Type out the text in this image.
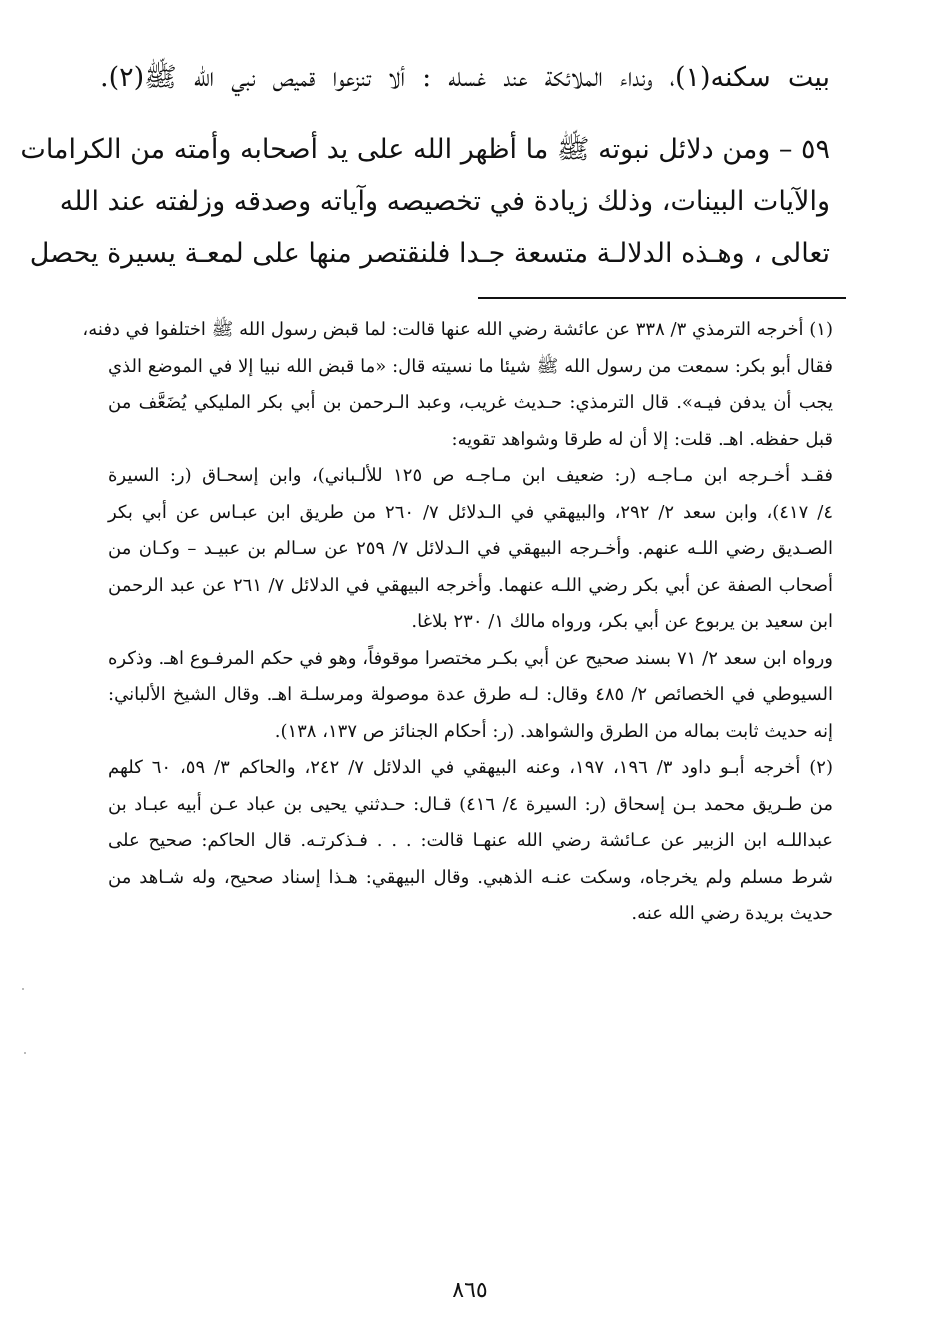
بيت سكنه(١)، ونداء الملائكة عند غسله : ألا تنزعوا قميص نبي الله ﷺ(٢).
٥٩ – ومن دلائل نبوته ﷺ ما أظهر الله على يد أصحابه وأمته من الكرامات
والآيات البينات، وذلك زيادة في تخصيصه وآياته وصدقه وزلفته عند الله
تعالى ، وهـذه الدلالـة متسعة جـدا فلنقتصر منها على لمعـة يسيرة يحصل
(١) أخرجه الترمذي ٣/ ٣٣٨ عن عائشة رضي الله عنها قالت: لما قبض رسول الله ﷺ اختلفوا في دفنه،
فقال أبو بكر: سمعت من رسول الله ﷺ شيئا ما نسيته قال: «ما قبض الله نبيا إلا في الموضع الذي
يجب أن يدفن فيـه». قال الترمذي: حـديث غريب، وعبد الـرحمن بن أبي بكر المليكي يُضَعَّف من
قبل حفظه. اهـ. قلت: إلا أن له طرقا وشواهد تقويه:
فقـد أخـرجه ابن مـاجـه (ر: ضعيف ابن مـاجـه ص ١٢٥ للألـباني)، وابن إسحـاق (ر: السيرة
٤/ ٤١٧)، وابن سعد ٢/ ٢٩٢، والبيهقي في الـدلائل ٧/ ٢٦٠ من طريق ابن عبـاس عن أبي بكر
الصـديق رضي اللـه عنهم. وأخـرجه البيهقي في الـدلائل ٧/ ٢٥٩ عن سـالم بن عبيـد – وكـان من
أصحاب الصفة عن أبي بكر رضي اللـه عنهما. وأخرجه البيهقي في الدلائل ٧/ ٢٦١ عن عبد الرحمن
ابن سعيد بن يربوع عن أبي بكر، ورواه مالك ١/ ٢٣٠ بلاغا.
ورواه ابن سعد ٢/ ٧١ بسند صحيح عن أبي بكـر مختصرا موقوفاً، وهو في حكم المرفـوع اهـ. وذكره
السيوطي في الخصائص ٢/ ٤٨٥ وقال: لـه طرق عدة موصولة ومرسلـة اهـ. وقال الشيخ الألباني:
إنه حديث ثابت بماله من الطرق والشواهد. (ر: أحكام الجنائز ص ١٣٧، ١٣٨).
(٢) أخرجه أبـو داود ٣/ ١٩٦، ١٩٧، وعنه البيهقي في الدلائل ٧/ ٢٤٢، والحاكم ٣/ ٥٩، ٦٠ كلهم
من طـريق محمد بـن إسحاق (ر: السيرة ٤/ ٤١٦) قـال: حـدثني يحيى بن عباد عـن أبيه عبـاد بن
عبداللـه ابن الزبير عن عـائشة رضي الله عنهـا قالت: . . . فـذكرتـه. قال الحاكم: صحيح على
شرط مسلم ولم يخرجاه، وسكت عنـه الذهبي. وقال البيهقي: هـذا إسناد صحيح، وله شـاهد من
حديث بريدة رضي الله عنه.
٨٦٥
